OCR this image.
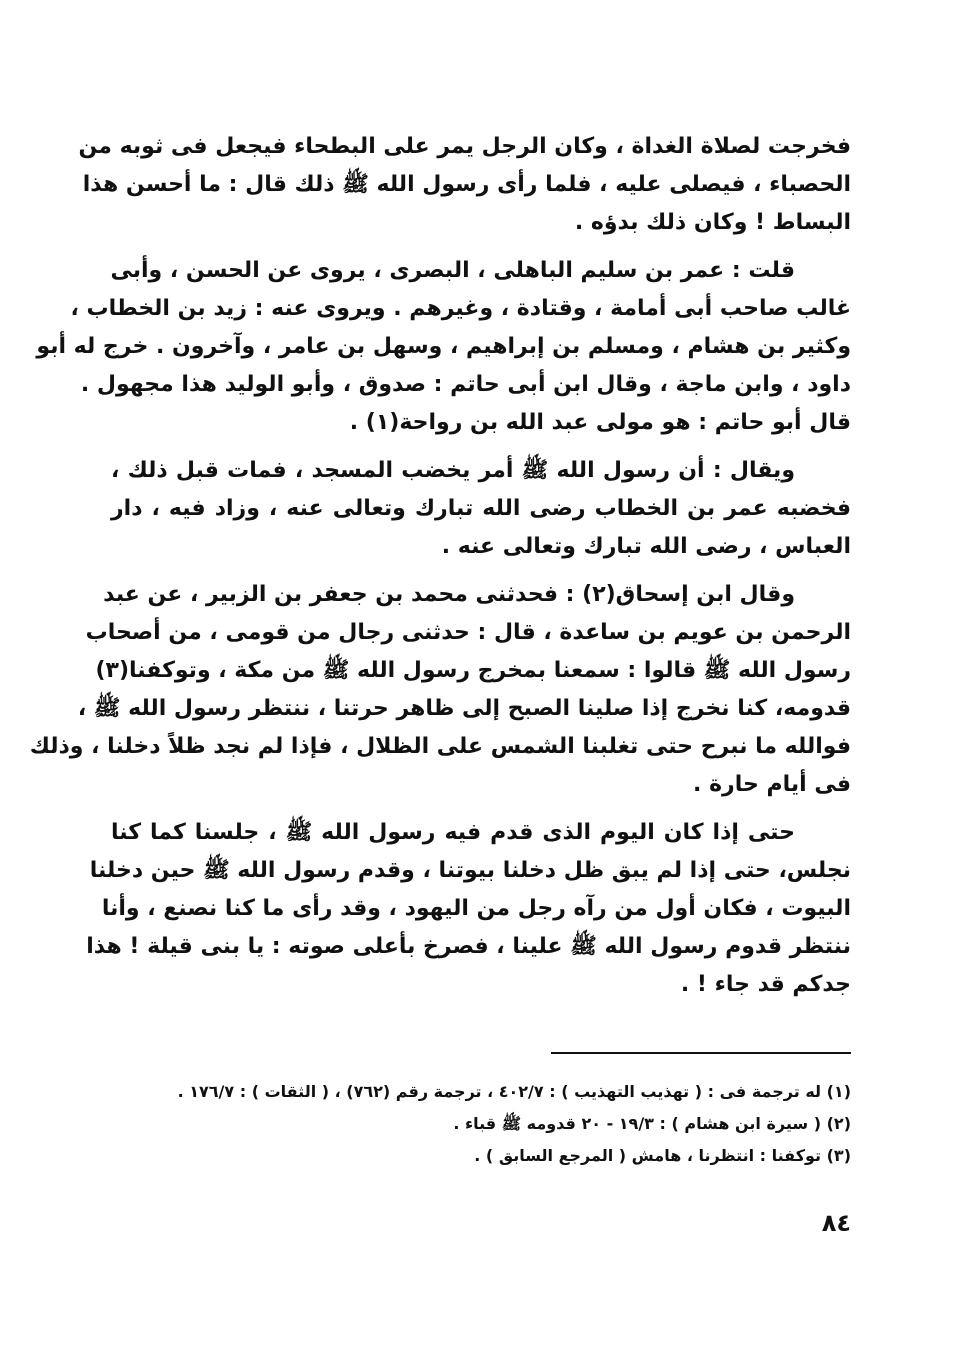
فخرجت لصلاة الغداة ، وكان الرجل يمر على البطحاء فيجعل فى ثوبه من
الحصباء ، فيصلى عليه ، فلما رأى رسول الله ﷺ ذلك قال : ما أحسن هذا
البساط ! وكان ذلك بدؤه .
قلت : عمر بن سليم الباهلى ، البصرى ، يروى عن الحسن ، وأبى
غالب صاحب أبى أمامة ، وقتادة ، وغيرهم . ويروى عنه : زيد بن الخطاب ،
وكثير بن هشام ، ومسلم بن إبراهيم ، وسهل بن عامر ، وآخرون . خرج له أبو
داود ، وابن ماجة ، وقال ابن أبى حاتم : صدوق ، وأبو الوليد هذا مجهول .
قال أبو حاتم : هو مولى عبد الله بن رواحة(١) .
ويقال : أن رسول الله ﷺ أمر يخضب المسجد ، فمات قبل ذلك ،
فخضبه عمر بن الخطاب رضى الله تبارك وتعالى عنه ، وزاد فيه ، دار
العباس ، رضى الله تبارك وتعالى عنه .
وقال ابن إسحاق(٢) : فحدثنى محمد بن جعفر بن الزبير ، عن عبد
الرحمن بن عويم بن ساعدة ، قال : حدثنى رجال من قومى ، من أصحاب
رسول الله ﷺ قالوا : سمعنا بمخرج رسول الله ﷺ من مكة ، وتوكفنا(٣)
قدومه، كنا نخرج إذا صلينا الصبح إلى ظاهر حرتنا ، ننتظر رسول الله ﷺ ،
فوالله ما نبرح حتى تغلبنا الشمس على الظلال ، فإذا لم نجد ظلاً دخلنا ، وذلك
فى أيام حارة .
حتى إذا كان اليوم الذى قدم فيه رسول الله ﷺ ، جلسنا كما كنا
نجلس، حتى إذا لم يبق ظل دخلنا بيوتنا ، وقدم رسول الله ﷺ حين دخلنا
البيوت ، فكان أول من رآه رجل من اليهود ، وقد رأى ما كنا نصنع ، وأنا
ننتظر قدوم رسول الله ﷺ علينا ، فصرخ بأعلى صوته : يا بنى قيلة ! هذا
جدكم قد جاء ! .
(١) له ترجمة فى : ( تهذيب التهذيب ) : ٤٠٢/٧ ، ترجمة رقم (٧٦٢) ، ( الثقات ) : ١٧٦/٧ .
(٢) ( سيرة ابن هشام ) : ١٩/٣ - ٢٠ قدومه ﷺ قباء .
(٣) توكفنا : انتظرنا ، هامش ( المرجع السابق ) .
٨٤
